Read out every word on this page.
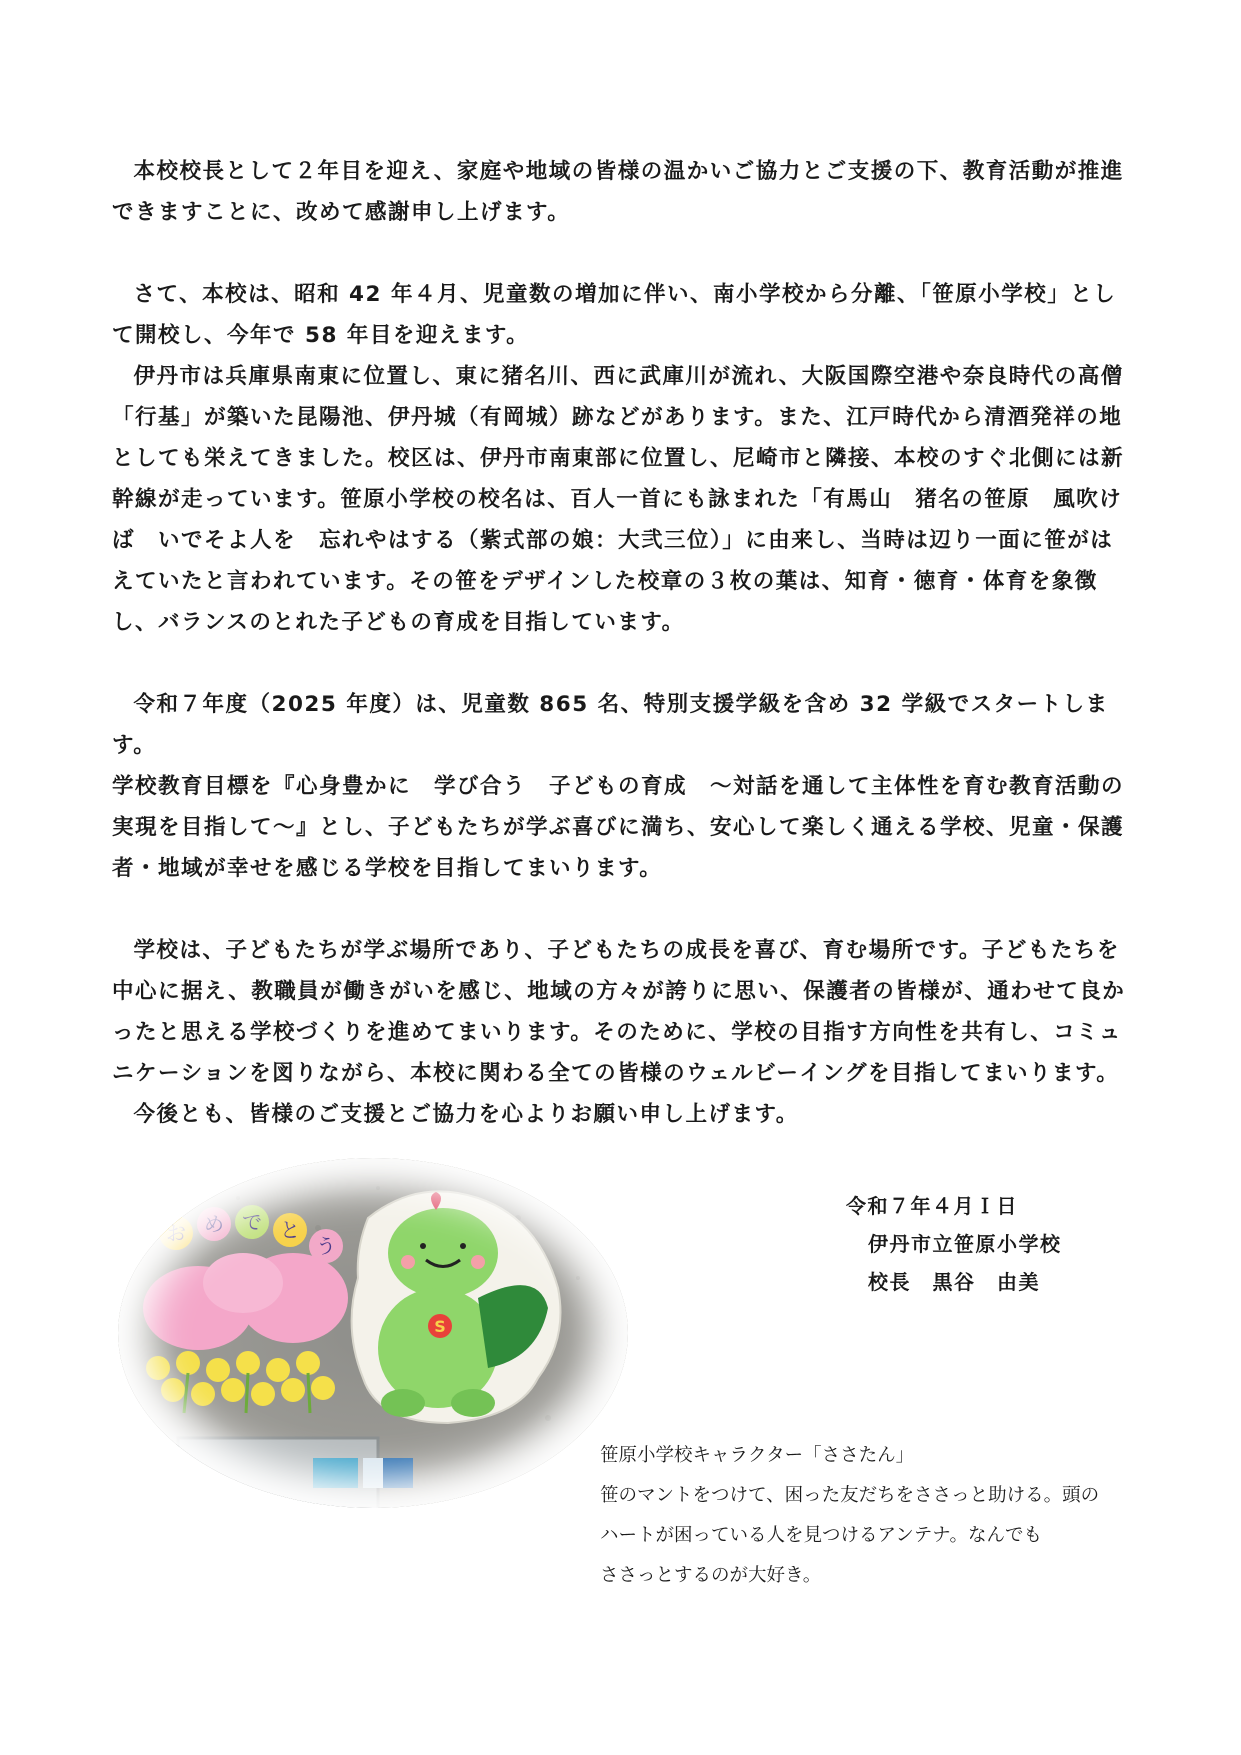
本校校長として２年目を迎え、家庭や地域の皆様の温かいご協力とご支援の下、教育活動が推進できますことに、改めて感謝申し上げます。

さて、本校は、昭和 42 年４月、児童数の増加に伴い、南小学校から分離、「笹原小学校」として開校し、今年で 58 年目を迎えます。

伊丹市は兵庫県南東に位置し、東に猪名川、西に武庫川が流れ、大阪国際空港や奈良時代の高僧「行基」が築いた昆陽池、伊丹城（有岡城）跡などがあります。また、江戸時代から清酒発祥の地としても栄えてきました。校区は、伊丹市南東部に位置し、尼崎市と隣接、本校のすぐ北側には新幹線が走っています。笹原小学校の校名は、百人一首にも詠まれた「有馬山　猪名の笹原　風吹けば　いでそよ人を　忘れやはする（紫式部の娘：大弐三位）」に由来し、当時は辺り一面に笹がはえていたと言われています。その笹をデザインした校章の３枚の葉は、知育・徳育・体育を象徴し、バランスのとれた子どもの育成を目指しています。

令和７年度（2025 年度）は、児童数 865 名、特別支援学級を含め 32 学級でスタートします。

学校教育目標を『心身豊かに　学び合う　子どもの育成　～対話を通して主体性を育む教育活動の実現を目指して～』とし、子どもたちが学ぶ喜びに満ち、安心して楽しく通える学校、児童・保護者・地域が幸せを感じる学校を目指してまいります。

学校は、子どもたちが学ぶ場所であり、子どもたちの成長を喜び、育む場所です。子どもたちを中心に据え、教職員が働きがいを感じ、地域の方々が誇りに思い、保護者の皆様が、通わせて良かったと思える学校づくりを進めてまいります。そのために、学校の目指す方向性を共有し、コミュニケーションを図りながら、本校に関わる全ての皆様のウェルビーイングを目指してまいります。

今後とも、皆様のご支援とご協力を心よりお願い申し上げます。

令和７年４月Ｉ日
伊丹市立笹原小学校
校長　黒谷　由美
お め で と
う
S
笹原小学校キャラクター「ささたん」
笹のマントをつけて、困った友だちをささっと助ける。頭の
ハートが困っている人を見つけるアンテナ。なんでも
ささっとするのが大好き。
